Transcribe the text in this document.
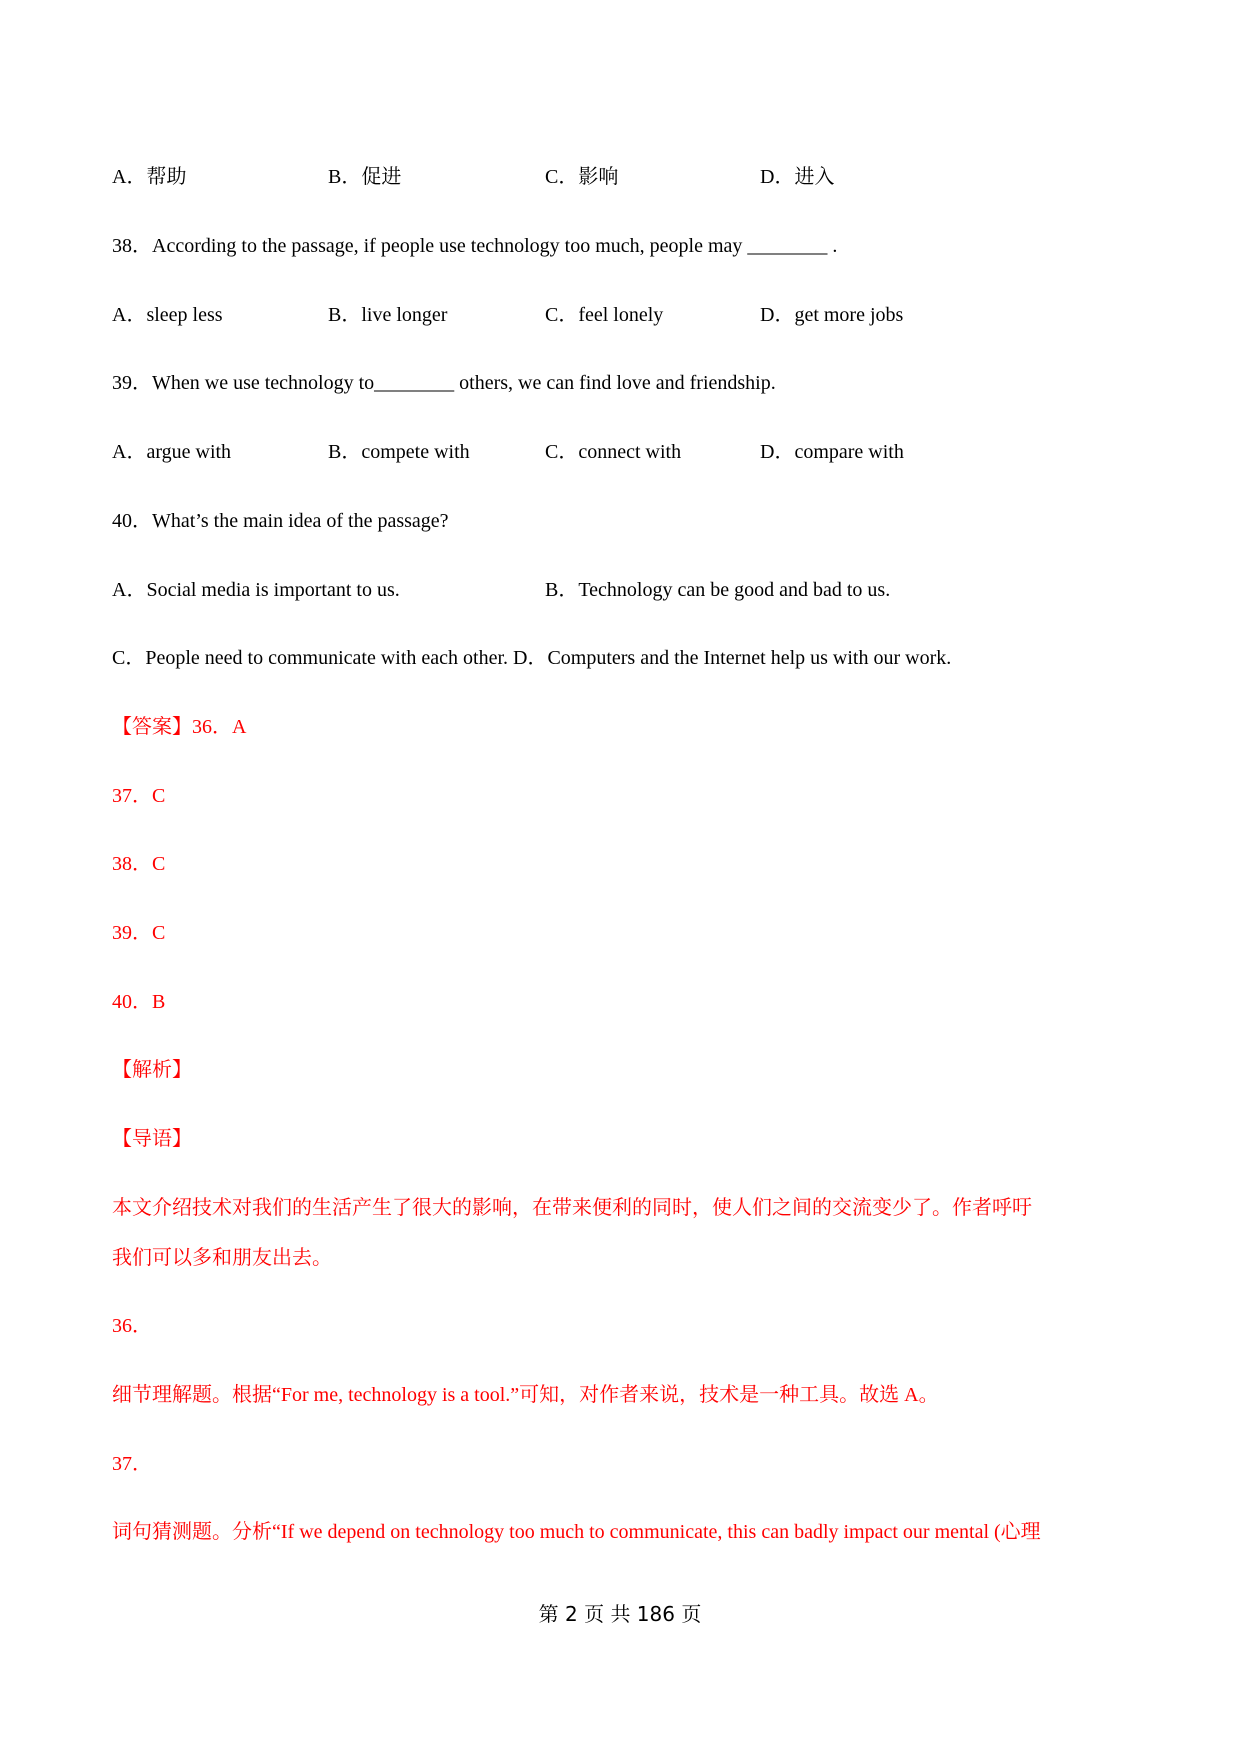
A．帮助	B．促进	C．影响	D．进入
38．According to the passage, if people use technology too much, people may ________ .
A．sleep less	B．live longer	C．feel lonely	D．get more jobs
39．When we use technology to________ others, we can find love and friendship.
A．argue with	B．compete with	C．connect with	D．compare with
40．What’s the main idea of the passage?
A．Social media is important to us.	B．Technology can be good and bad to us.
C．People need to communicate with each other. D．Computers and the Internet help us with our work.
【答案】36．A
37．C
38．C
39．C
40．B
【解析】
【导语】
本文介绍技术对我们的生活产生了很大的影响，在带来便利的同时，使人们之间的交流变少了。作者呼吁
我们可以多和朋友出去。
36．
细节理解题。根据“For me, technology is a tool.”可知，对作者来说，技术是一种工具。故选 A。
37．
词句猜测题。分析“If we depend on technology too much to communicate, this can badly impact our mental (心理
第 2 页 共 186 页
